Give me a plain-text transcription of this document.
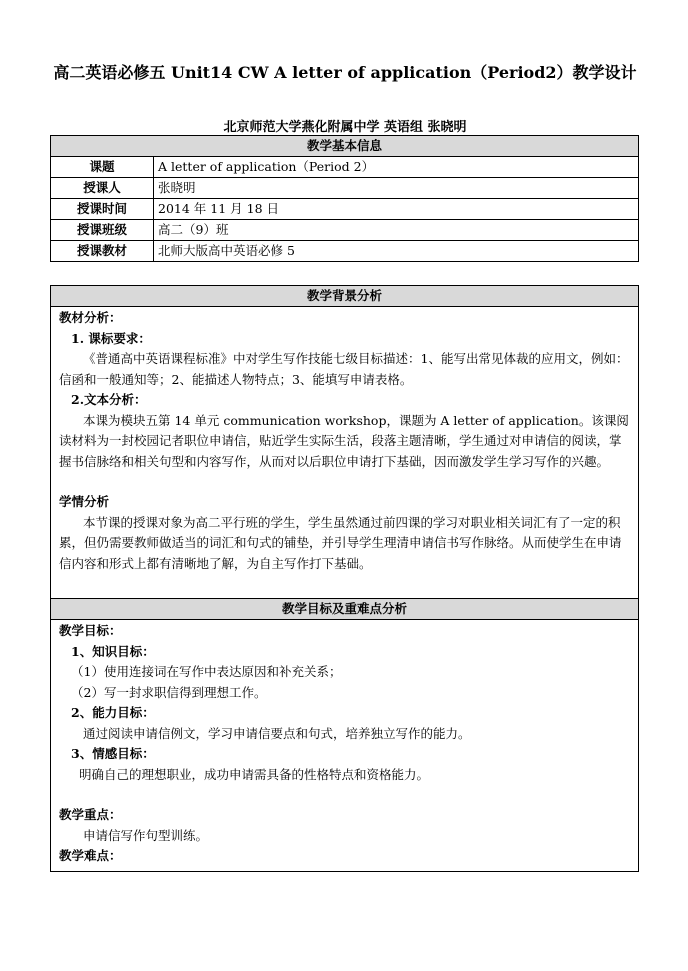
高二英语必修五 Unit14 CW A letter of application（Period2）教学设计
北京师范大学燕化附属中学 英语组 张晓明
教学基本信息	
课题	A letter of application（Period 2）
授课人	张晓明
授课时间	2014 年 11 月 18 日
授课班级	高二（9）班
授课教材	北师大版高中英语必修 5
教学背景分析
教材分析：
1. 课标要求：
《普通高中英语课程标准》中对学生写作技能七级目标描述：1、能写出常见体裁的应用文，例如：信函和一般通知等；2、能描述人物特点；3、能填写申请表格。
2.文本分析：
本课为模块五第 14 单元 communication workshop，课题为 A letter of application。该课阅读材料为一封校园记者职位申请信，贴近学生实际生活，段落主题清晰，学生通过对申请信的阅读，掌握书信脉络和相关句型和内容写作，从而对以后职位申请打下基础，因而激发学生学习写作的兴趣。
学情分析
本节课的授课对象为高二平行班的学生，学生虽然通过前四课的学习对职业相关词汇有了一定的积累，但仍需要教师做适当的词汇和句式的铺垫，并引导学生理清申请信书写作脉络。从而使学生在申请信内容和形式上都有清晰地了解，为自主写作打下基础。
教学目标及重难点分析
教学目标：
1、知识目标：
（1）使用连接词在写作中表达原因和补充关系；
（2）写一封求职信得到理想工作。
2、能力目标：
通过阅读申请信例文，学习申请信要点和句式，培养独立写作的能力。
3、情感目标：
明确自己的理想职业，成功申请需具备的性格特点和资格能力。
教学重点：
申请信写作句型训练。
教学难点：
